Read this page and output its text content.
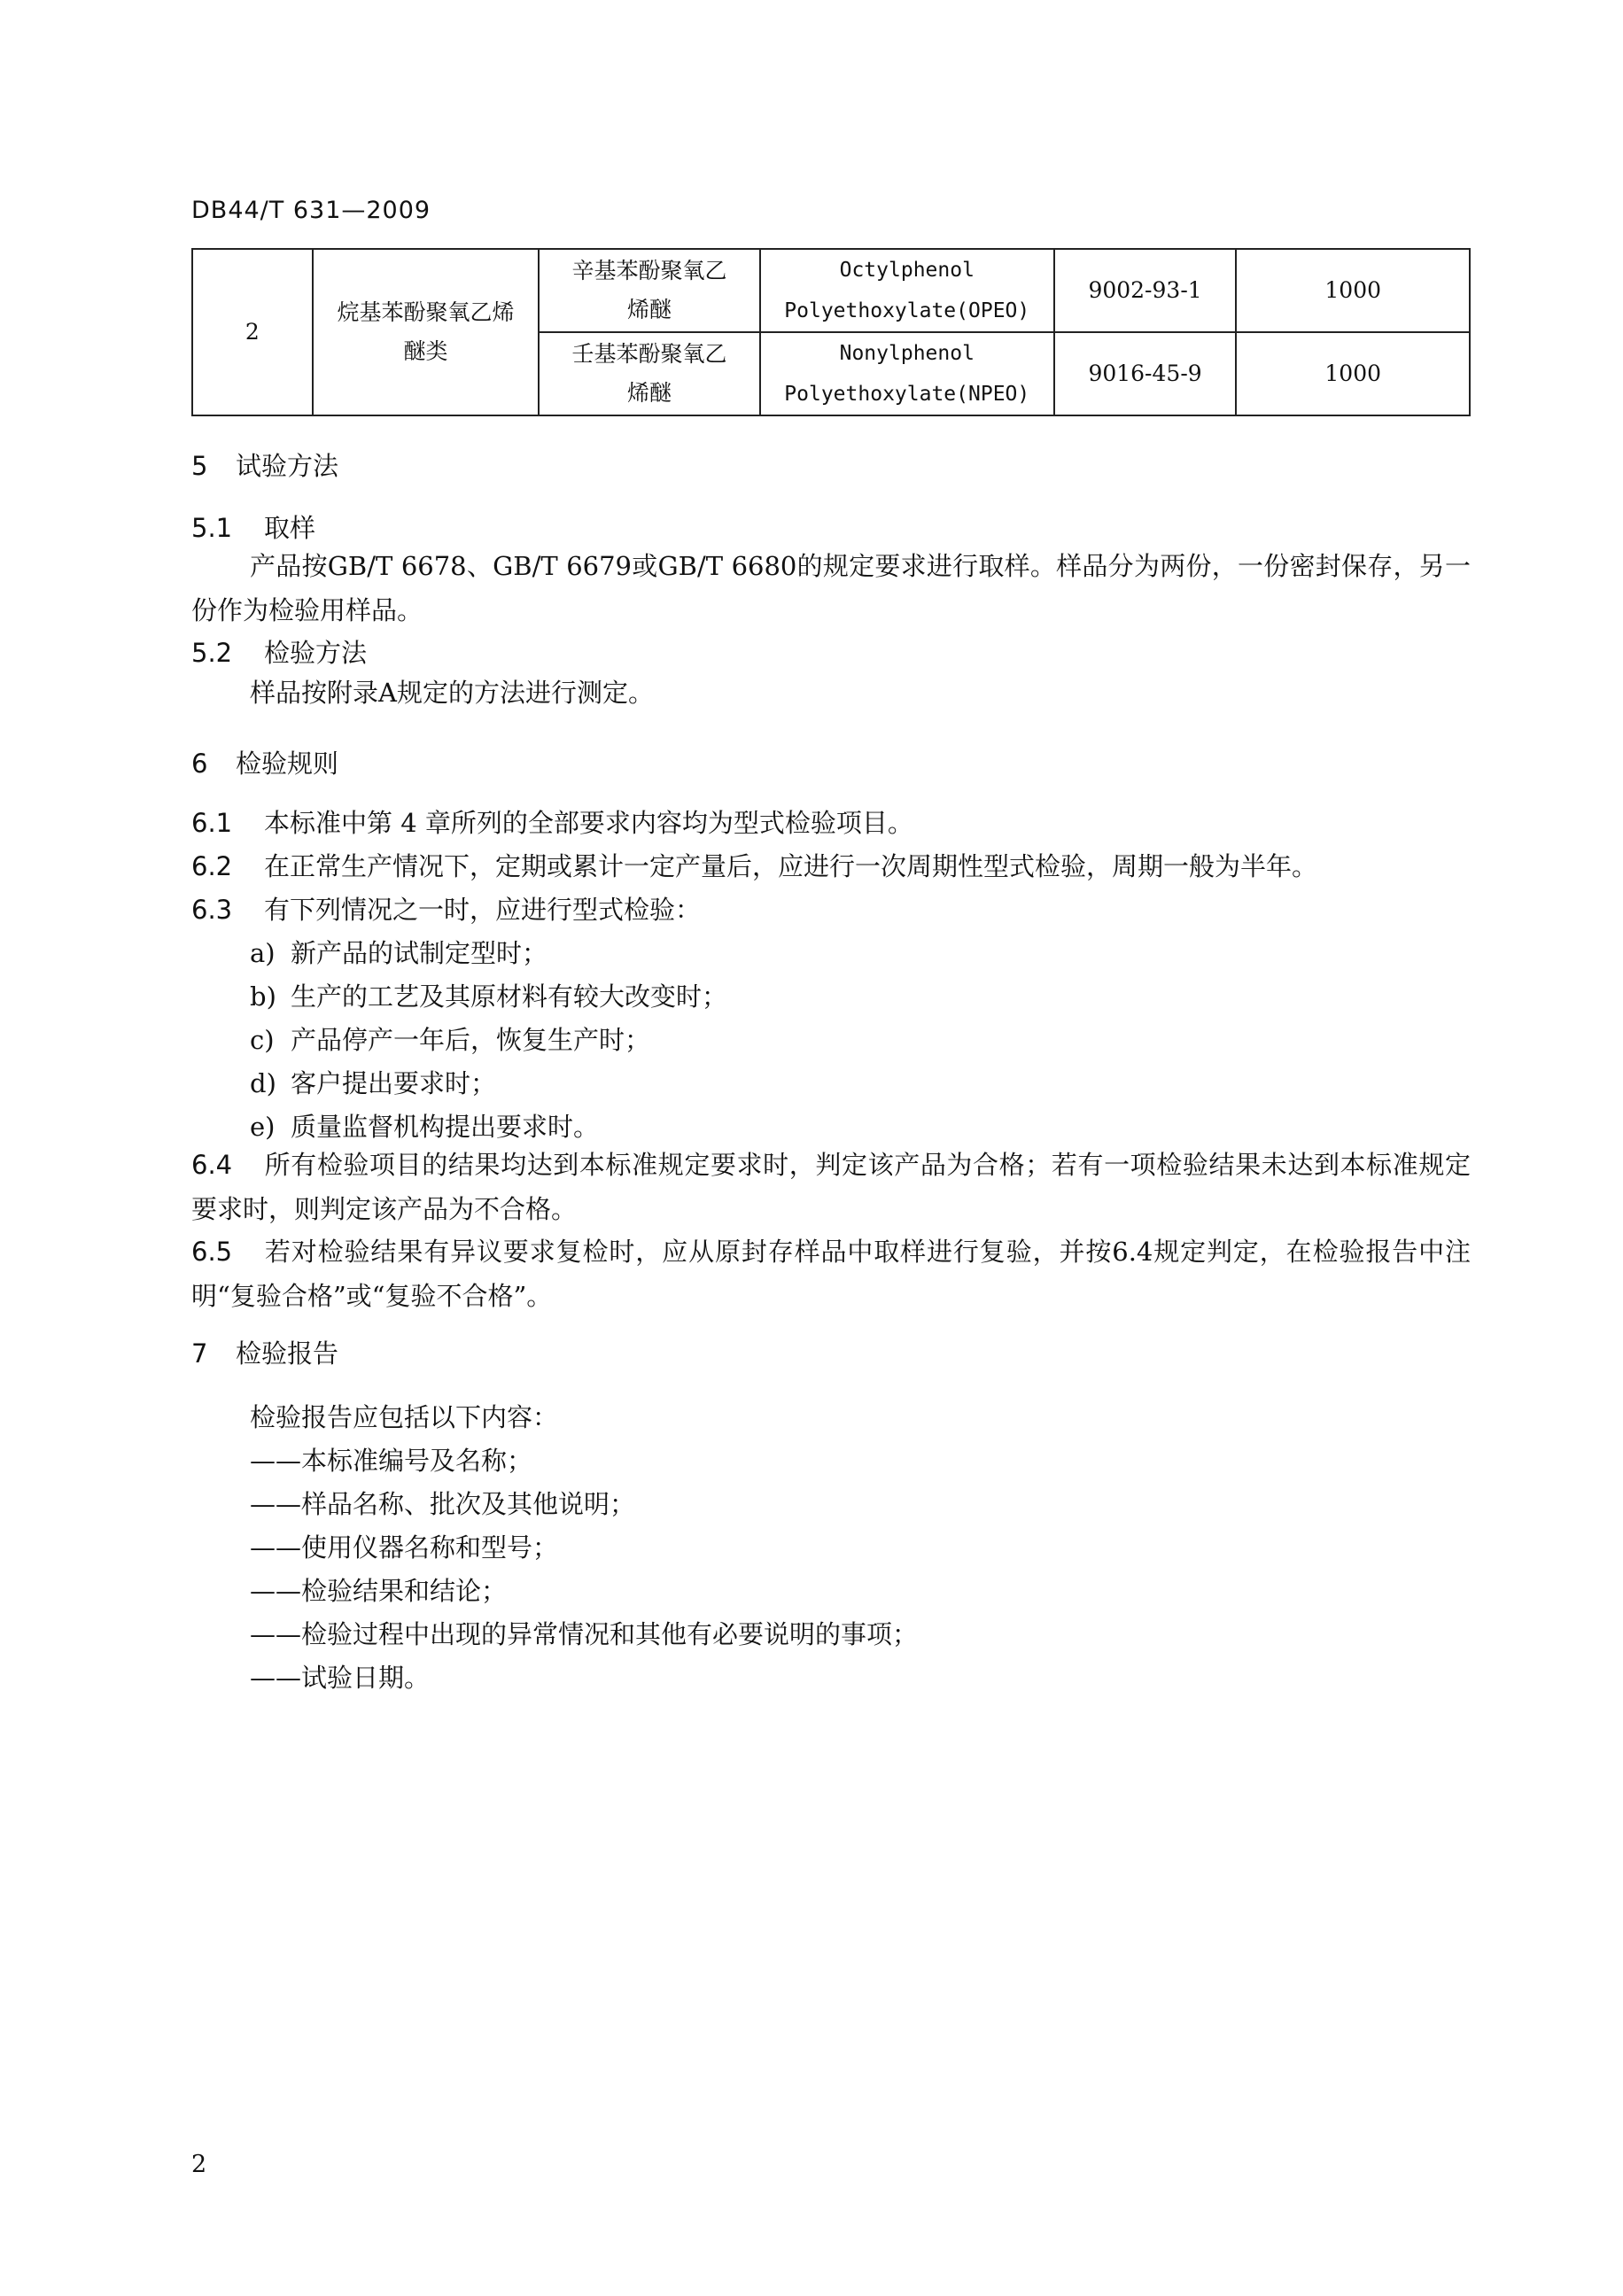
DB44/T 631—2009
2	烷基苯酚聚氧乙烯醚类	辛基苯酚聚氧乙烯醚	Octylphenol
Polyethoxylate(OPEO)	9002-93-1	1000
		壬基苯酚聚氧乙烯醚	Nonylphenol
Polyethoxylate(NPEO)	9016-45-9	1000
5 试验方法
5.1 取样
产品按GB/T 6678、GB/T 6679或GB/T 6680的规定要求进行取样。样品分为两份，一份密封保存，另一份作为检验用样品。
5.2 检验方法
样品按附录A规定的方法进行测定。
6 检验规则
6.1 本标准中第 4 章所列的全部要求内容均为型式检验项目。
6.2 在正常生产情况下，定期或累计一定产量后，应进行一次周期性型式检验，周期一般为半年。
6.3 有下列情况之一时，应进行型式检验：
a) 新产品的试制定型时；
b) 生产的工艺及其原材料有较大改变时；
c) 产品停产一年后，恢复生产时；
d) 客户提出要求时；
e) 质量监督机构提出要求时。
6.4 所有检验项目的结果均达到本标准规定要求时，判定该产品为合格；若有一项检验结果未达到本标准规定要求时，则判定该产品为不合格。
6.5 若对检验结果有异议要求复检时，应从原封存样品中取样进行复验，并按6.4规定判定，在检验报告中注明“复验合格”或“复验不合格”。
7 检验报告
检验报告应包括以下内容：
——本标准编号及名称；
——样品名称、批次及其他说明；
——使用仪器名称和型号；
——检验结果和结论；
——检验过程中出现的异常情况和其他有必要说明的事项；
——试验日期。
2
